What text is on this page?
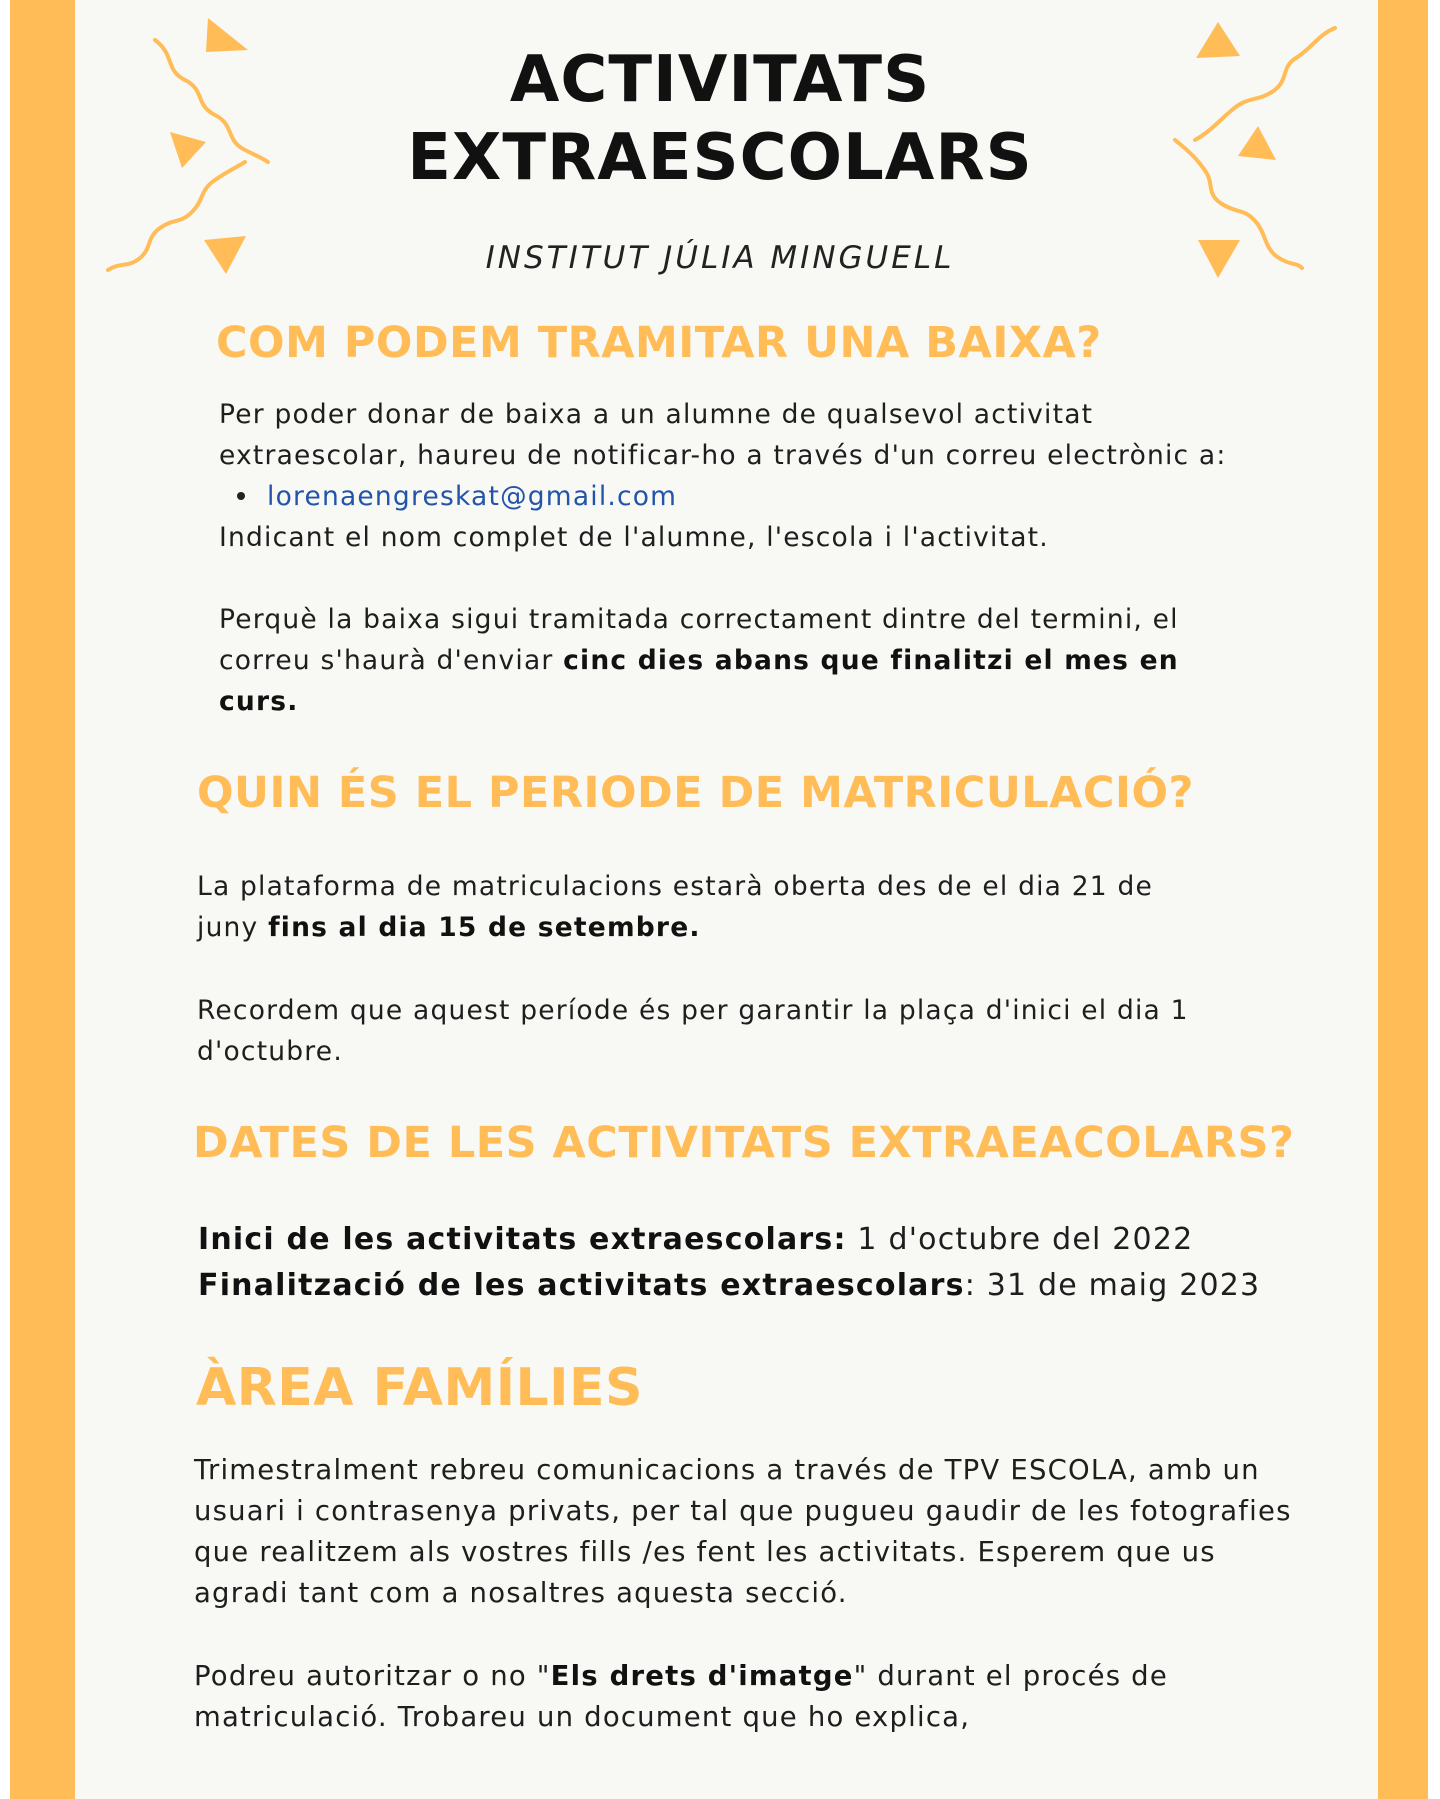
ACTIVITATS
EXTRAESCOLARS
INSTITUT JÚLIA MINGUELL
COM PODEM TRAMITAR UNA BAIXA?
Per poder donar de baixa a un alumne de qualsevol activitat
extraescolar, haureu de notificar-ho a través d'un correu electrònic a:
lorenaengreskat@gmail.com
Indicant el nom complet de l'alumne, l'escola i l'activitat.
Perquè la baixa sigui tramitada correctament dintre del termini, el
correu s'haurà d'enviar cinc dies abans que finalitzi el mes en
curs.
QUIN ÉS EL PERIODE DE MATRICULACIÓ?
La plataforma de matriculacions estarà oberta des de el dia 21 de
juny fins al dia 15 de setembre.
Recordem que aquest període és per garantir la plaça d'inici el dia 1
d'octubre.
DATES DE LES ACTIVITATS EXTRAEACOLARS?
Inici de les activitats extraescolars: 1 d'octubre del 2022
Finalització de les activitats extraescolars: 31 de maig 2023
ÀREA FAMÍLIES
Trimestralment rebreu comunicacions a través de TPV ESCOLA, amb un
usuari i contrasenya privats, per tal que pugueu gaudir de les fotografies
que realitzem als vostres fills /es fent les activitats. Esperem que us
agradi tant com a nosaltres aquesta secció.
Podreu autoritzar o no "Els drets d'imatge" durant el procés de
matriculació. Trobareu un document que ho explica,
